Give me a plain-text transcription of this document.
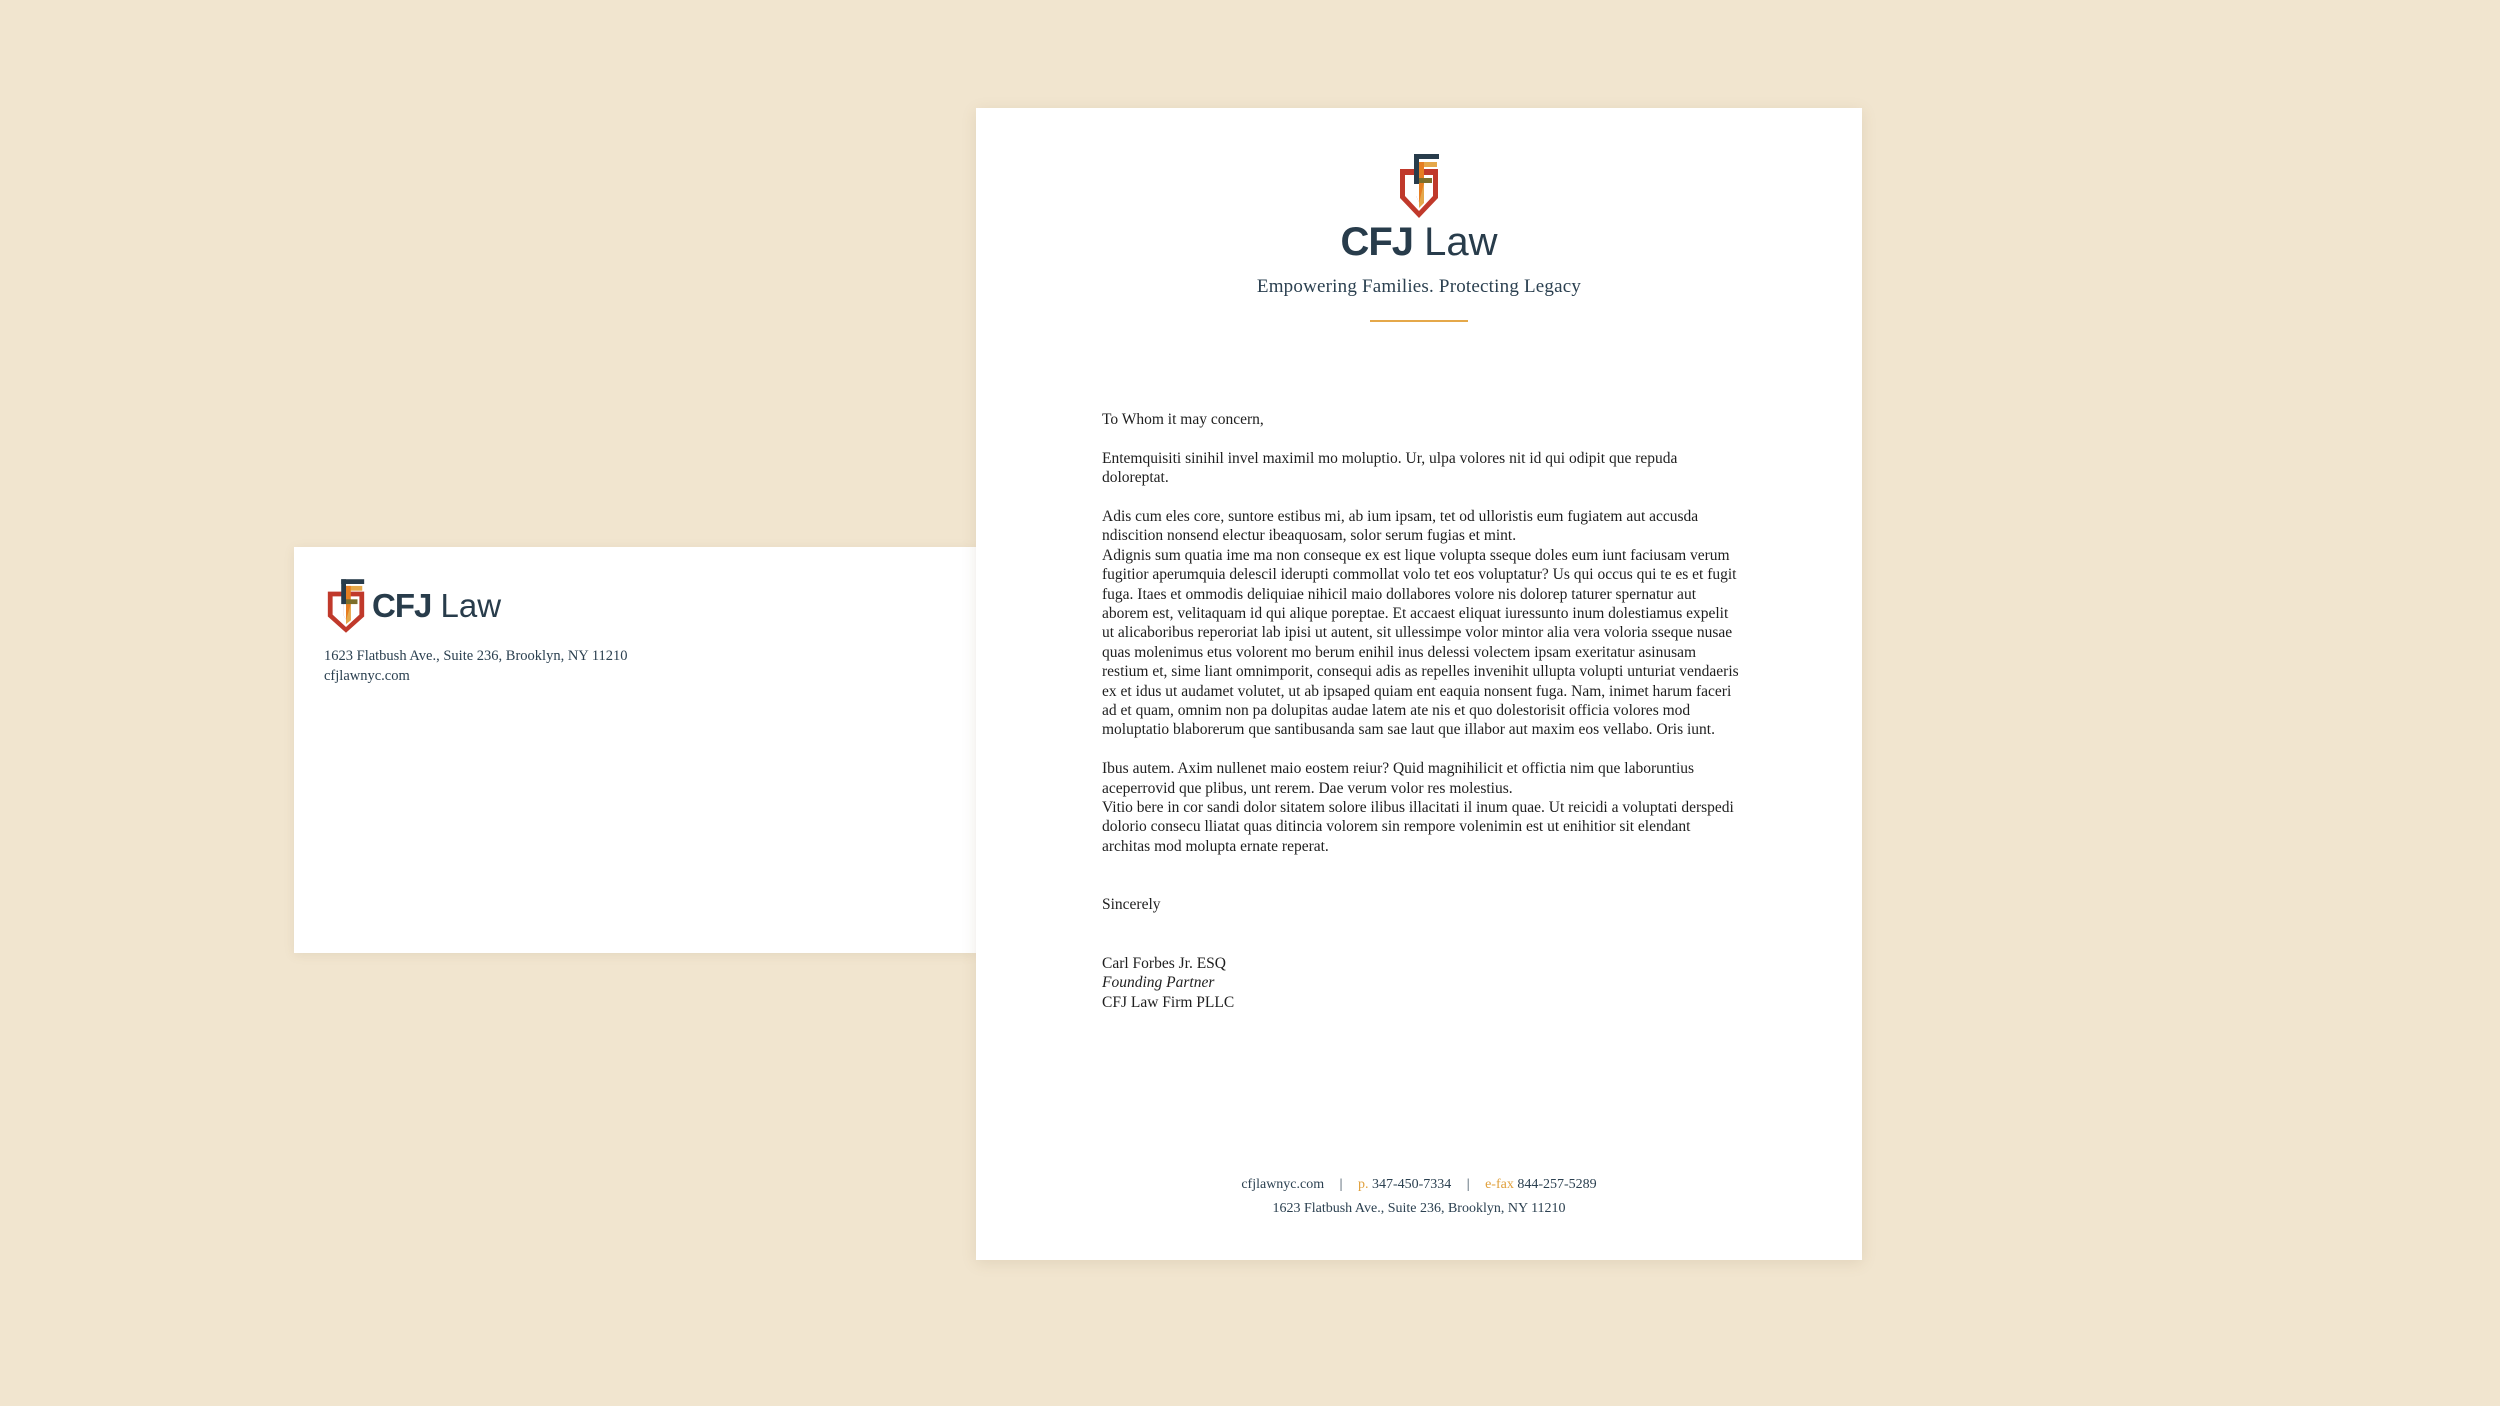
CFJ Law
1623 Flatbush Ave., Suite 236, Brooklyn, NY 11210
cfjlawnyc.com
CFJ Law
Empowering Families. Protecting Legacy

To Whom it may concern,

Entemquisiti sinihil invel maximil mo moluptio. Ur, ulpa volores nit id qui odipit que repuda doloreptat.

Adis cum eles core, suntore estibus mi, ab ium ipsam, tet od ulloristis eum fugiatem aut accusda ndiscition nonsend electur ibeaquosam, solor serum fugias et mint.

Adignis sum quatia ime ma non conseque ex est lique volupta sseque doles eum iunt faciusam verum fugitior aperumquia delescil iderupti commollat volo tet eos voluptatur? Us qui occus qui te es et fugit fuga. Itaes et ommodis deliquiae nihicil maio dollabores volore nis dolorep taturer spernatur aut aborem est, velitaquam id qui alique poreptae. Et accaest eliquat iuressunto inum dolestiamus expelit ut alicaboribus reperoriat lab ipisi ut autent, sit ullessimpe volor mintor alia vera voloria sseque nusae quas molenimus etus volorent mo berum enihil inus delessi volectem ipsam exeritatur asinusam restium et, sime liant omnimporit, consequi adis as repelles invenihit ullupta volupti unturiat vendaeris ex et idus ut audamet volutet, ut ab ipsaped quiam ent eaquia nonsent fuga. Nam, inimet harum faceri ad et quam, omnim non pa dolupitas audae latem ate nis et quo dolestorisit officia volores mod moluptatio blaborerum que santibusanda sam sae laut que illabor aut maxim eos vellabo. Oris iunt.

Ibus autem. Axim nullenet maio eostem reiur? Quid magnihilicit et offictia nim que laboruntius aceperrovid que plibus, unt rerem. Dae verum volor res molestius.

Vitio bere in cor sandi dolor sitatem solore ilibus illacitati il inum quae. Ut reicidi a voluptati derspedi dolorio consecu lliatat quas ditincia volorem sin rempore volenimin est ut enihitior sit elendant architas mod molupta ernate reperat.

Sincerely

Carl Forbes Jr. ESQ
Founding Partner
CFJ Law Firm PLLC
cfjlawnyc.com | p. 347-450-7334 | e-fax 844-257-5289
1623 Flatbush Ave., Suite 236, Brooklyn, NY 11210
